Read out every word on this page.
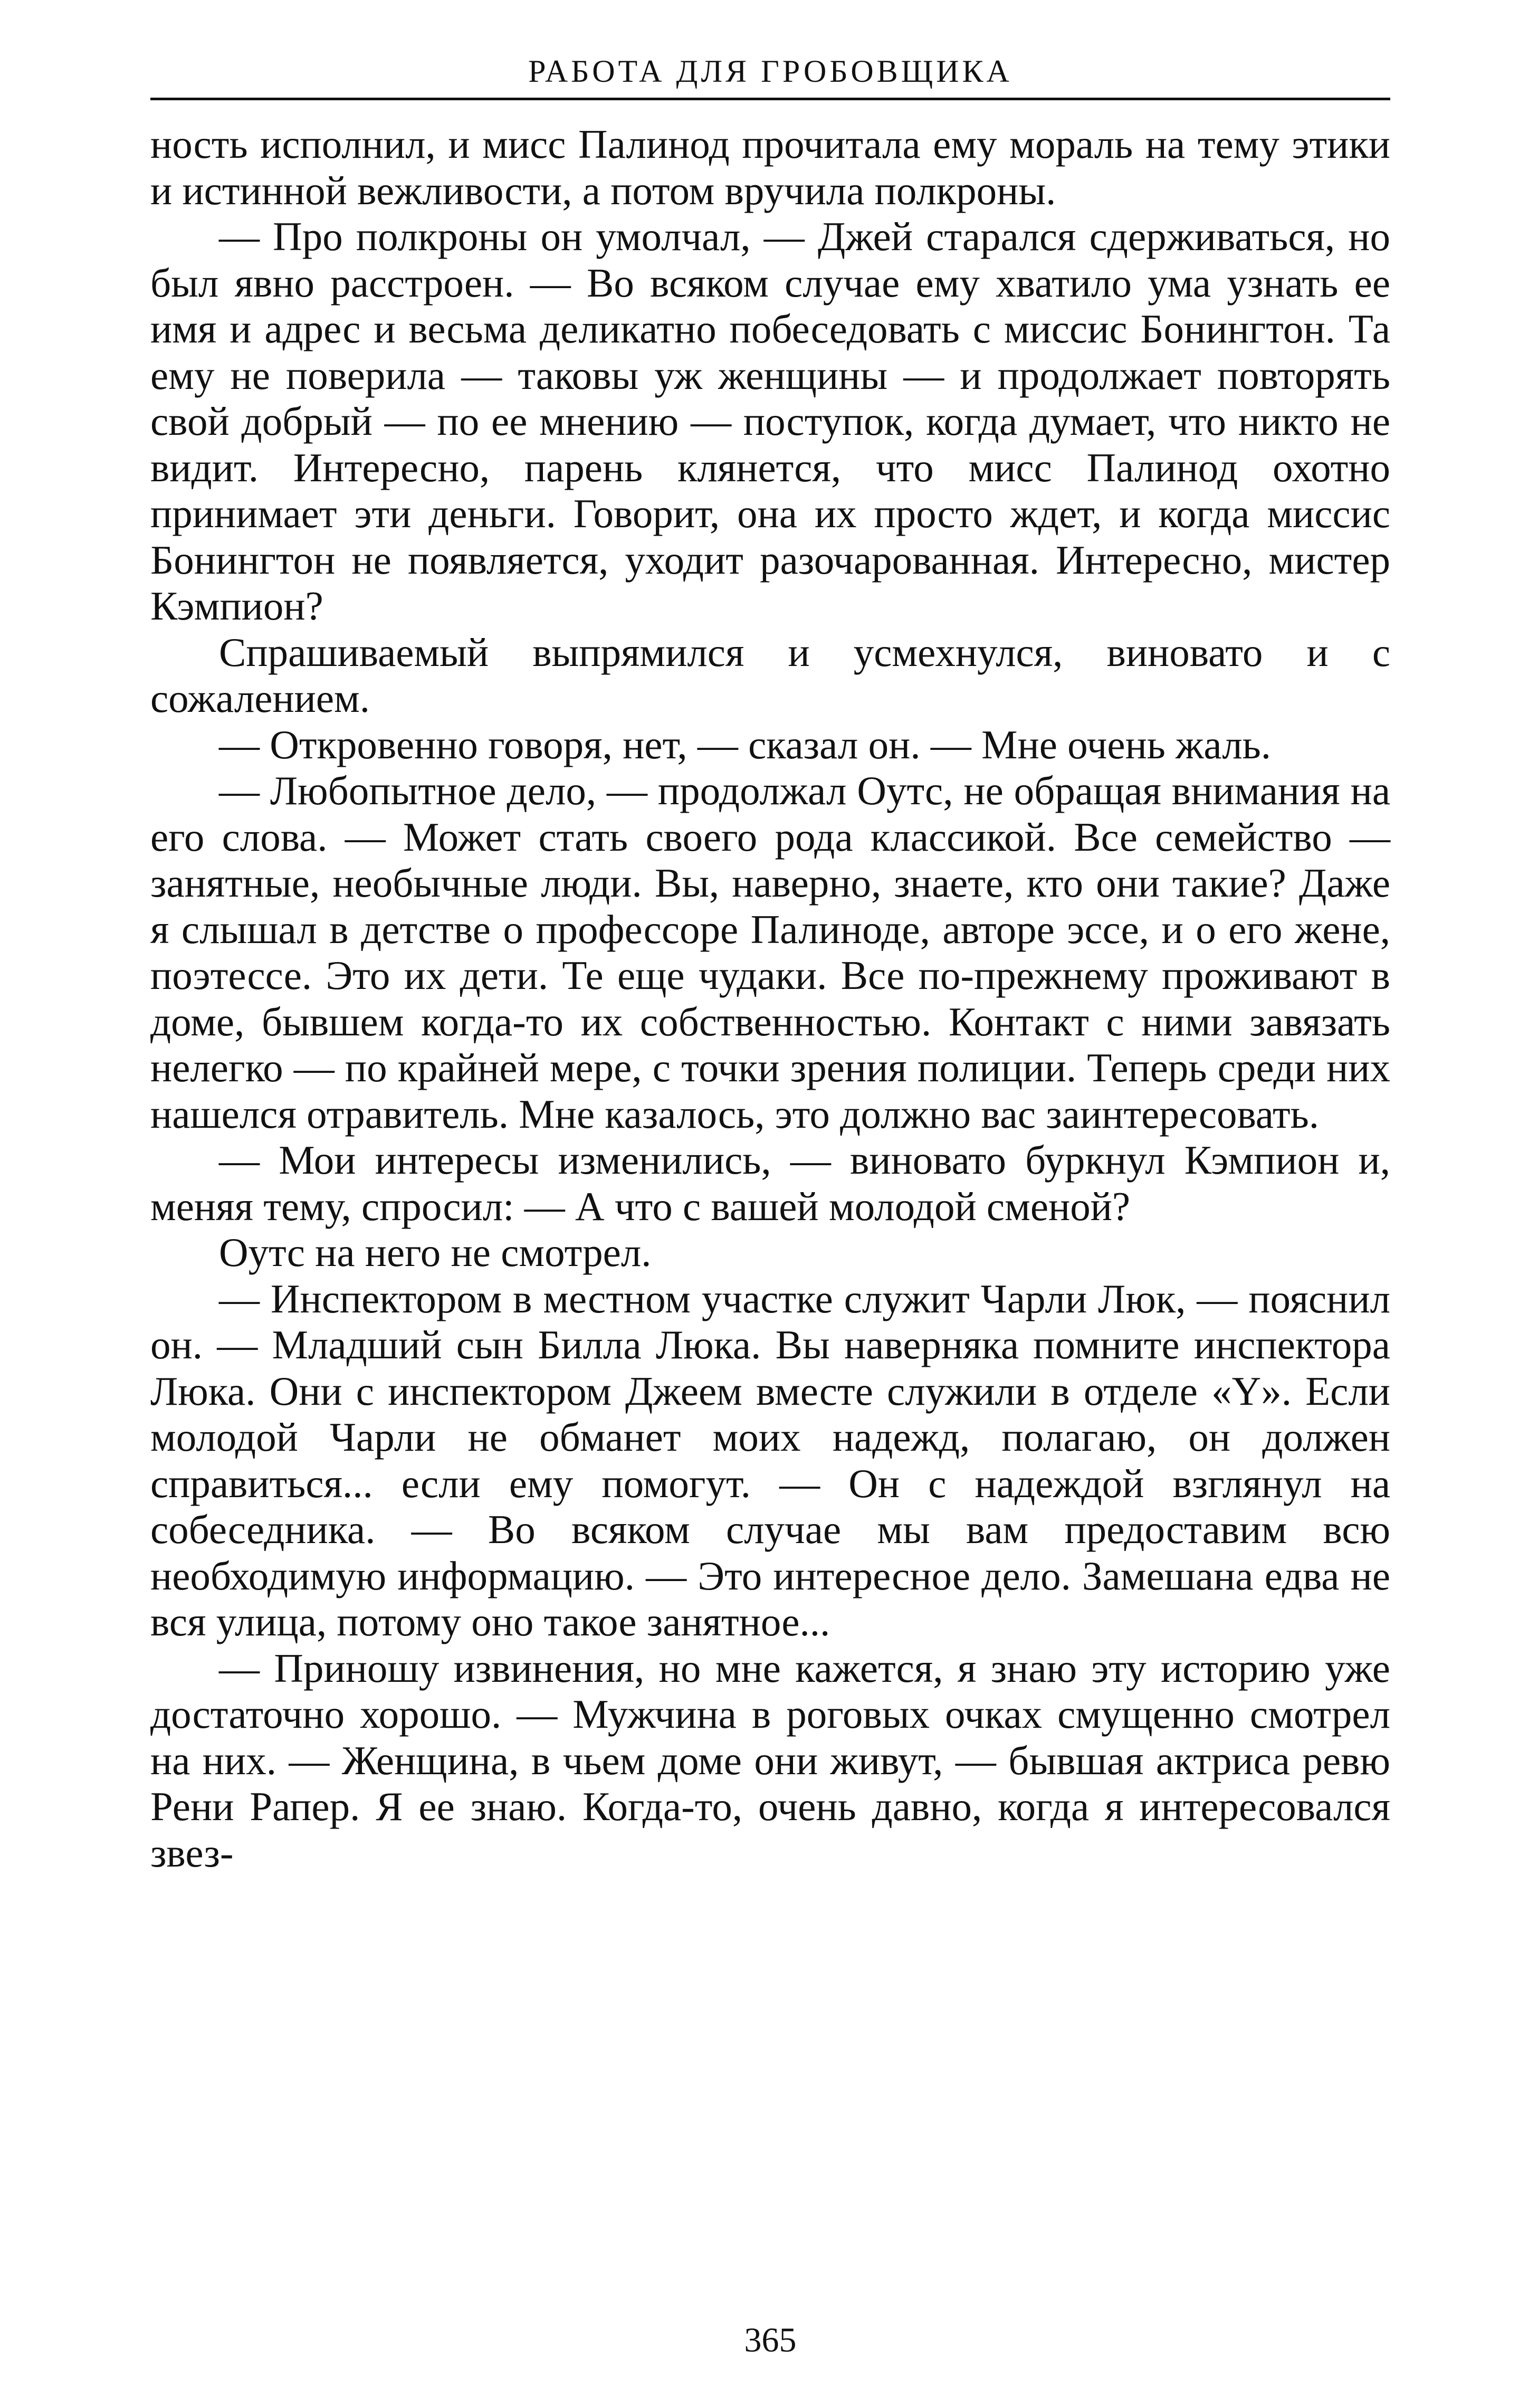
РАБОТА ДЛЯ ГРОБОВЩИКА

ность исполнил, и мисс Палинод прочитала ему мораль на тему этики и истинной вежливости, а потом вручила полкроны.

— Про полкроны он умолчал, — Джей старался сдерживаться, но был явно расстроен. — Во всяком случае ему хватило ума узнать ее имя и адрес и весьма деликатно побеседовать с миссис Бонингтон. Та ему не поверила — таковы уж женщины — и продолжает повторять свой добрый — по ее мнению — поступок, когда думает, что никто не видит. Интересно, парень клянется, что мисс Палинод охотно принимает эти деньги. Говорит, она их просто ждет, и когда миссис Бонингтон не появляется, уходит разочарованная. Интересно, мистер Кэмпион?

Спрашиваемый выпрямился и усмехнулся, виновато и с сожалением.

— Откровенно говоря, нет, — сказал он. — Мне очень жаль.

— Любопытное дело, — продолжал Оутс, не обращая внимания на его слова. — Может стать своего рода классикой. Все семейство — занятные, необычные люди. Вы, наверно, знаете, кто они такие? Даже я слышал в детстве о профессоре Палиноде, авторе эссе, и о его жене, поэтессе. Это их дети. Те еще чудаки. Все по-прежнему проживают в доме, бывшем когда-то их собственностью. Контакт с ними завязать нелегко — по крайней мере, с точки зрения полиции. Теперь среди них нашелся отравитель. Мне казалось, это должно вас заинтересовать.

— Мои интересы изменились, — виновато буркнул Кэмпион и, меняя тему, спросил: — А что с вашей молодой сменой?

Оутс на него не смотрел.

— Инспектором в местном участке служит Чарли Люк, — пояснил он. — Младший сын Билла Люка. Вы наверняка помните инспектора Люка. Они с инспектором Джеем вместе служили в отделе «Y». Если молодой Чарли не обманет моих надежд, полагаю, он должен справиться... если ему помогут. — Он с надеждой взглянул на собеседника. — Во всяком случае мы вам предоставим всю необходимую информацию. — Это интересное дело. Замешана едва не вся улица, потому оно такое занятное...

— Приношу извинения, но мне кажется, я знаю эту историю уже достаточно хорошо. — Мужчина в роговых очках смущенно смотрел на них. — Женщина, в чьем доме они живут, — бывшая актриса ревю Рени Рапер. Я ее знаю. Когда-то, очень давно, когда я интересовался звез-

365
